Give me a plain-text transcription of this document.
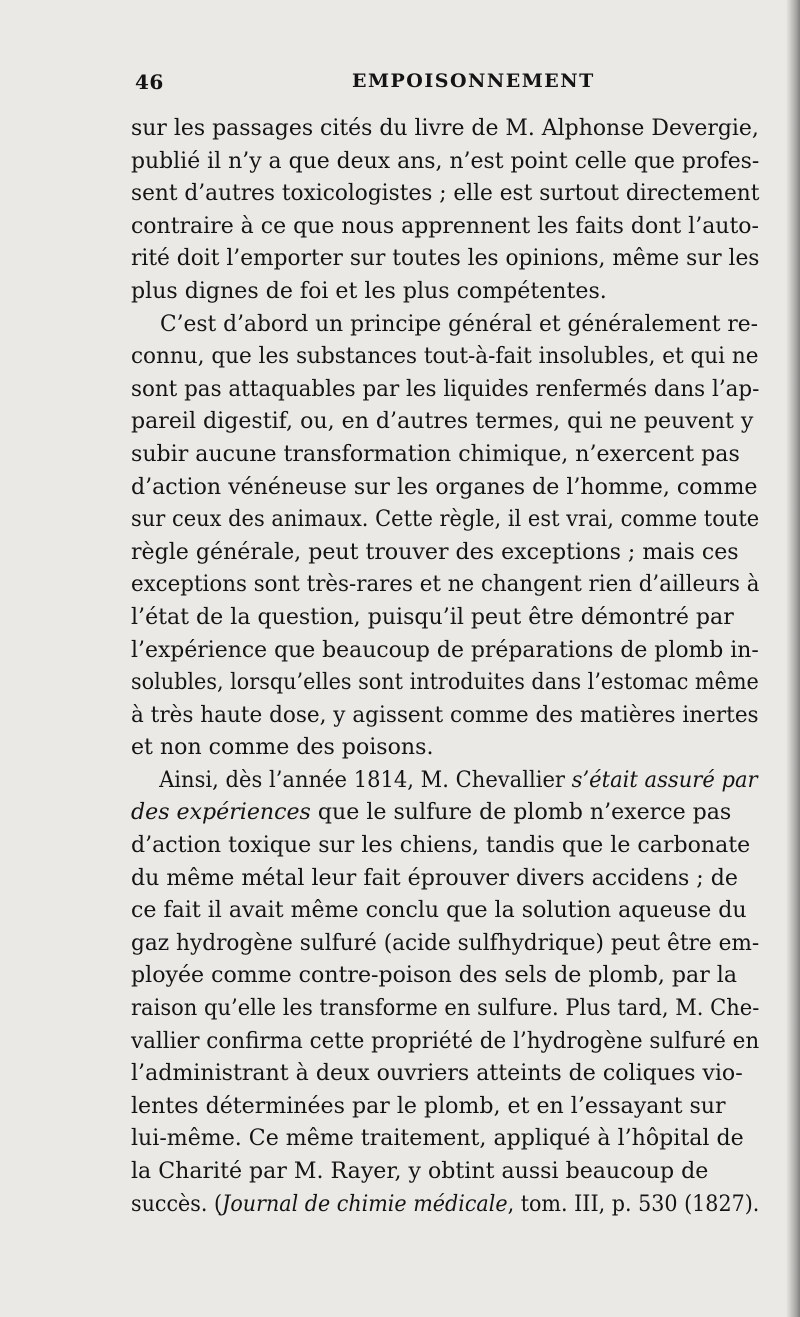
46	EMPOISONNEMENT
sur les passages cités du livre de M. Alphonse Devergie,
publié il n’y a que deux ans, n’est point celle que profes-
sent d’autres toxicologistes ; elle est surtout directement
contraire à ce que nous apprennent les faits dont l’auto-
rité doit l’emporter sur toutes les opinions, même sur les
plus dignes de foi et les plus compétentes.
C’est d’abord un principe général et généralement re-
connu, que les substances tout-à-fait insolubles, et qui ne
sont pas attaquables par les liquides renfermés dans l’ap-
pareil digestif, ou, en d’autres termes, qui ne peuvent y
subir aucune transformation chimique, n’exercent pas
d’action vénéneuse sur les organes de l’homme, comme
sur ceux des animaux. Cette règle, il est vrai, comme toute
règle générale, peut trouver des exceptions ; mais ces
exceptions sont très-rares et ne changent rien d’ailleurs à
l’état de la question, puisqu’il peut être démontré par
l’expérience que beaucoup de préparations de plomb in-
solubles, lorsqu’elles sont introduites dans l’estomac même
à très haute dose, y agissent comme des matières inertes
et non comme des poisons.
Ainsi, dès l’année 1814, M. Chevallier s’était assuré par
des expériences que le sulfure de plomb n’exerce pas
d’action toxique sur les chiens, tandis que le carbonate
du même métal leur fait éprouver divers accidens ; de
ce fait il avait même conclu que la solution aqueuse du
gaz hydrogène sulfuré (acide sulfhydrique) peut être em-
ployée comme contre-poison des sels de plomb, par la
raison qu’elle les transforme en sulfure. Plus tard, M. Che-
vallier confirma cette propriété de l’hydrogène sulfuré en
l’administrant à deux ouvriers atteints de coliques vio-
lentes déterminées par le plomb, et en l’essayant sur
lui-même. Ce même traitement, appliqué à l’hôpital de
la Charité par M. Rayer, y obtint aussi beaucoup de
succès. (Journal de chimie médicale, tom. III, p. 530 (1827).
